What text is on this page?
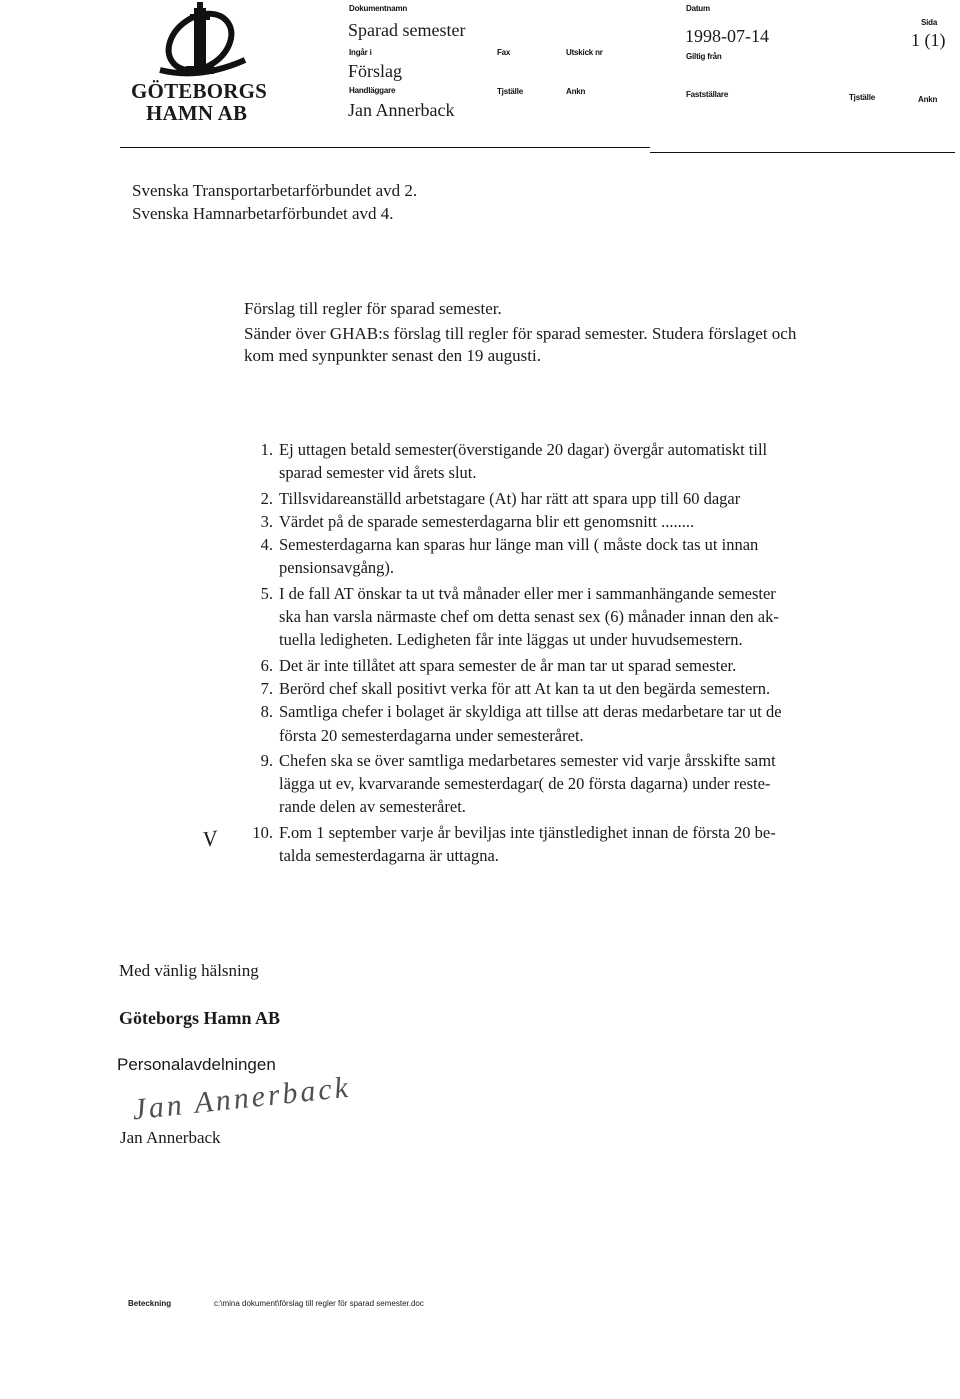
GÖTEBORGS
HAMN AB
Dokumentnamn
Sparad semester
Ingår i
Förslag
Handläggare
Jan Annerback
Fax	Utskick nr
Tjställe	Ankn
Datum
1998-07-14
Giltig från
Fastställare
Sida
1 (1)
Tjställe	Ankn
Svenska Transportarbetarförbundet avd 2.
Svenska Hamnarbetarförbundet avd 4.
Förslag till regler för sparad semester.
Sänder över GHAB:s förslag till regler för sparad semester. Studera förslaget och
kom med synpunkter senast den 19 augusti.
1. Ej uttagen betald semester(överstigande 20 dagar) övergår automatiskt till
sparad semester vid årets slut.
2. Tillsvidareanställd arbetstagare (At) har rätt att spara upp till 60 dagar
3. Värdet på de sparade semesterdagarna blir ett genomsnitt ........
4. Semesterdagarna kan sparas hur länge man vill ( måste dock tas ut innan
pensionsavgång).
5. I de fall AT önskar ta ut två månader eller mer i sammanhängande semester
ska han varsla närmaste chef om detta senast sex (6) månader innan den ak-
tuella ledigheten. Ledigheten får inte läggas ut under huvudsemestern.
6. Det är inte tillåtet att spara semester de år man tar ut sparad semester.
7. Berörd chef skall positivt verka för att At kan ta ut den begärda semestern.
8. Samtliga chefer i bolaget är skyldiga att tillse att deras medarbetare tar ut de
första 20 semesterdagarna under semesteråret.
9. Chefen ska se över samtliga medarbetares semester vid varje årsskifte samt
lägga ut ev, kvarvarande semesterdagar( de 20 första dagarna) under reste-
rande delen av semesteråret.
10. F.om 1 september varje år beviljas inte tjänstledighet innan de första 20 be-
talda semesterdagarna är uttagna.
V
Med vänlig hälsning
Göteborgs Hamn AB
Personalavdelningen
Jan Annerback
Jan Annerback
Beteckning	c:\mina dokument\förslag till regler för sparad semester.doc
